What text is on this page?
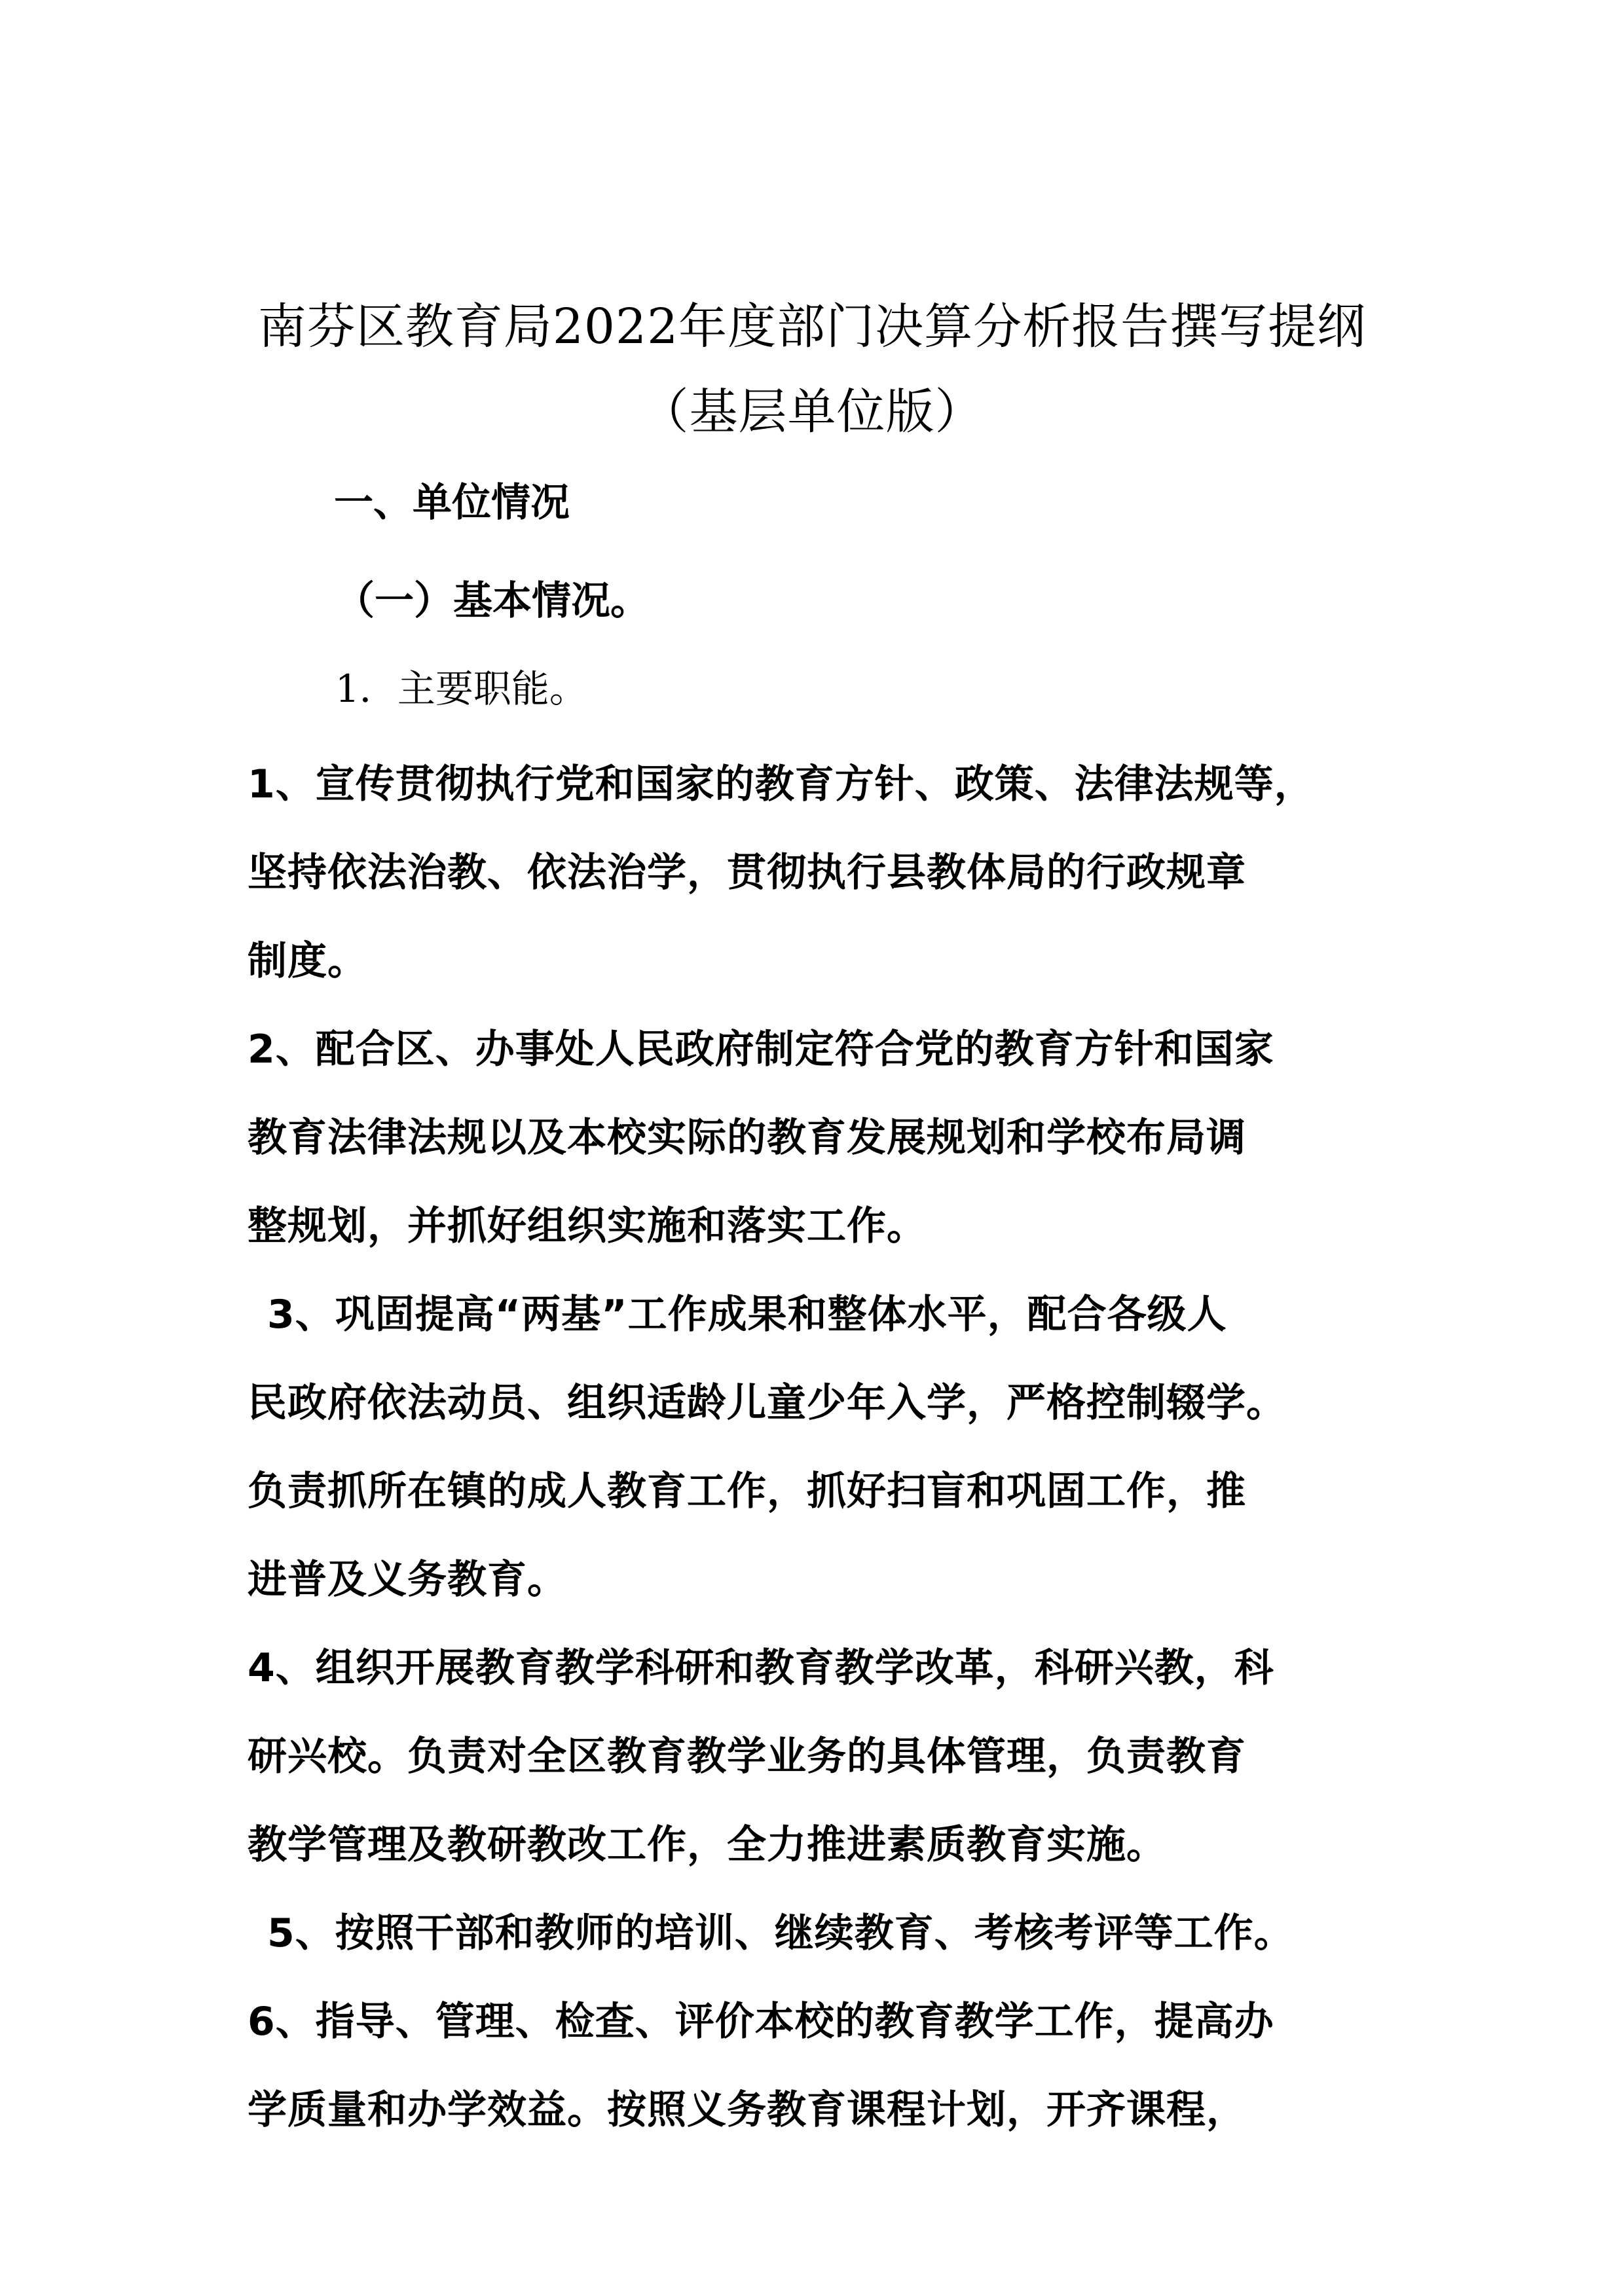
南芬区教育局2022年度部门决算分析报告撰写提纲
（基层单位版）
一、单位情况
（一）基本情况。
1．主要职能。
1、宣传贯彻执行党和国家的教育方针、政策、法律法规等，
坚持依法治教、依法治学，贯彻执行县教体局的行政规章
制度。
2、配合区、办事处人民政府制定符合党的教育方针和国家
教育法律法规以及本校实际的教育发展规划和学校布局调
整规划，并抓好组织实施和落实工作。
3、巩固提高“两基”工作成果和整体水平，配合各级人
民政府依法动员、组织适龄儿童少年入学，严格控制辍学。
负责抓所在镇的成人教育工作，抓好扫盲和巩固工作，推
进普及义务教育。
4、组织开展教育教学科研和教育教学改革，科研兴教，科
研兴校。负责对全区教育教学业务的具体管理，负责教育
教学管理及教研教改工作，全力推进素质教育实施。
5、按照干部和教师的培训、继续教育、考核考评等工作。
6、指导、管理、检查、评价本校的教育教学工作，提高办
学质量和办学效益。按照义务教育课程计划，开齐课程，
